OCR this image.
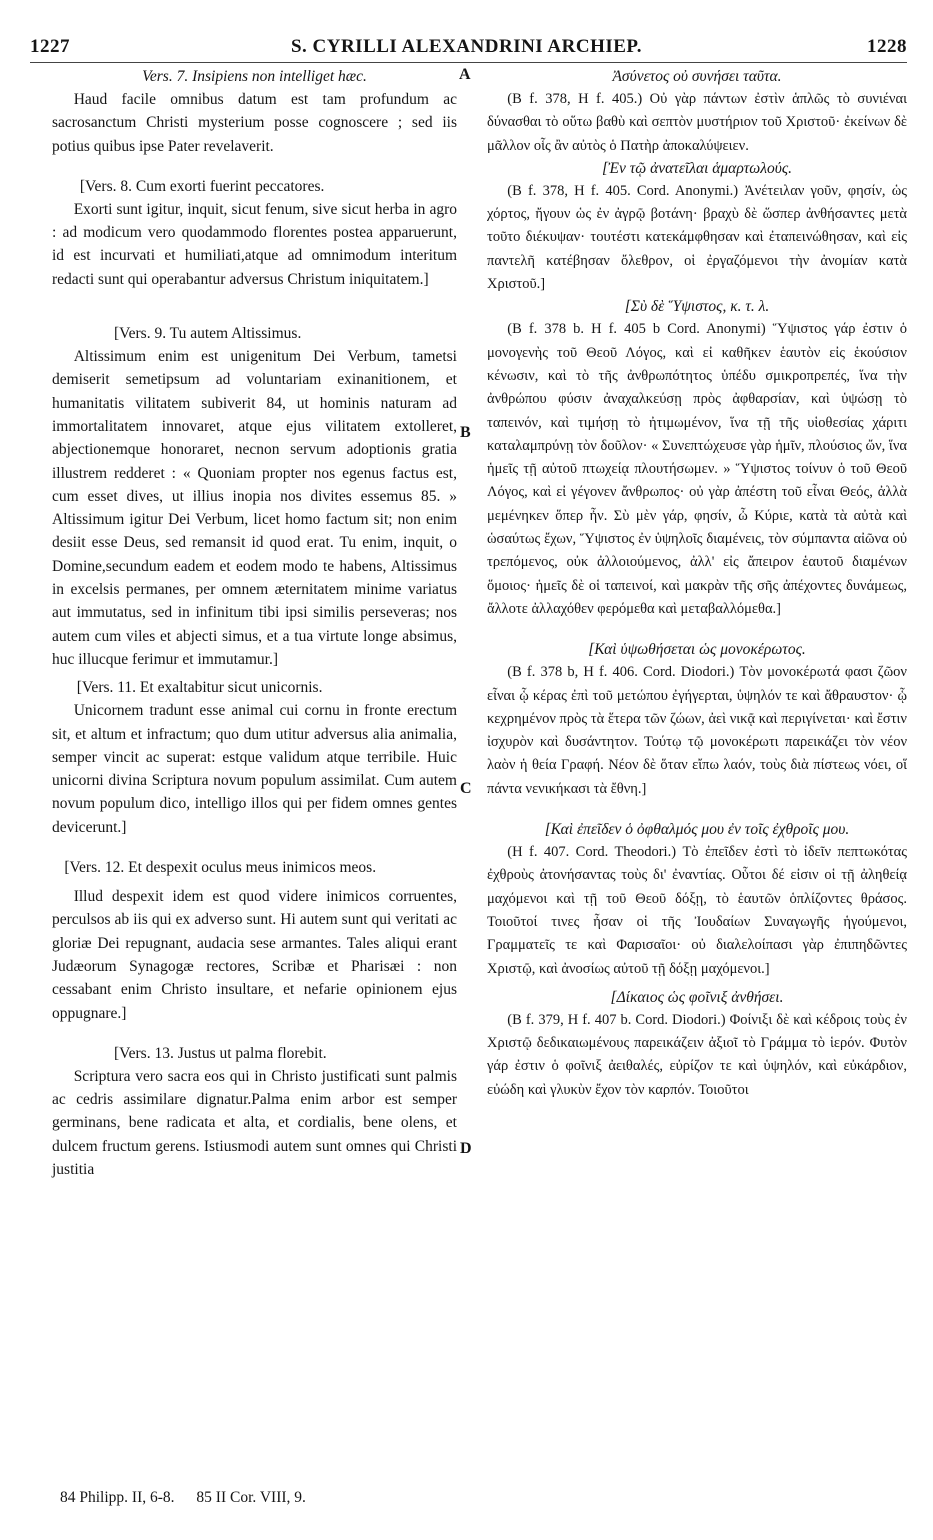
1227	S. CYRILLI ALEXANDRINI ARCHIEP.	1228
A
B
C
D

Vers. 7. Insipiens non intelliget hæc.

Haud facile omnibus datum est tam profundum ac sacrosanctum Christi mysterium posse cognoscere ; sed iis potius quibus ipse Pater revelaverit.

[Vers. 8. Cum exorti fuerint peccatores.

Exorti sunt igitur, inquit, sicut fenum, sive sicut herba in agro : ad modicum vero quodammodo florentes postea apparuerunt, id est incurvati et humiliati,atque ad omnimodum interitum redacti sunt qui operabantur adversus Christum iniquitatem.]

[Vers. 9. Tu autem Altissimus.

Altissimum enim est unigenitum Dei Verbum, tametsi demiserit semetipsum ad voluntariam exinanitionem, et humanitatis vilitatem subiverit 84, ut hominis naturam ad immortalitatem innovaret, atque ejus vilitatem extolleret, abjectionemque honoraret, necnon servum adoptionis gratia illustrem redderet : « Quoniam propter nos egenus factus est, cum esset dives, ut illius inopia nos divites essemus 85. » Altissimum igitur Dei Verbum, licet homo factum sit; non enim desiit esse Deus, sed remansit id quod erat. Tu enim, inquit, o Domine,secundum eadem et eodem modo te habens, Altissimus in excelsis permanes, per omnem æternitatem minime variatus aut immutatus, sed in infinitum tibi ipsi similis perseveras; nos autem cum viles et abjecti simus, et a tua virtute longe absimus, huc illucque ferimur et immutamur.]

[Vers. 11. Et exaltabitur sicut unicornis.

Unicornem tradunt esse animal cui cornu in fronte erectum sit, et altum et infractum; quo dum utitur adversus alia animalia, semper vincit ac superat: estque validum atque terribile. Huic unicorni divina Scriptura novum populum assimilat. Cum autem novum populum dico, intelligo illos qui per fidem omnes gentes devicerunt.]

[Vers. 12. Et despexit oculus meus inimicos meos.

Illud despexit idem est quod videre inimicos corruentes, perculsos ab iis qui ex adverso sunt. Hi autem sunt qui veritati ac gloriæ Dei repugnant, audacia sese armantes. Tales aliqui erant Judæorum Synagogæ rectores, Scribæ et Pharisæi : non cessabant enim Christo insultare, et nefarie opinionem ejus oppugnare.]

[Vers. 13. Justus ut palma florebit.

Scriptura vero sacra eos qui in Christo justificati sunt palmis ac cedris assimilare dignatur.Palma enim arbor est semper germinans, bene radicata et alta, et cordialis, bene olens, et dulcem fructum gerens. Istiusmodi autem sunt omnes qui Christi justitia

Ἀσύνετος οὐ συνήσει ταῦτα.

(B f. 378, H f. 405.) Οὐ γὰρ πάντων ἐστὶν ἁπλῶς τὸ συνιέναι δύνασθαι τὸ οὕτω βαθὺ καὶ σεπτὸν μυστήριον τοῦ Χριστοῦ· ἐκείνων δὲ μᾶλλον οἷς ἂν αὐτὸς ὁ Πατὴρ ἀποκαλύψειεν.

[Ἐν τῷ ἀνατεῖλαι ἁμαρτωλούς.

(B f. 378, H f. 405. Cord. Anonymi.) Ἀνέτειλαν γοῦν, φησίν, ὡς χόρτος, ἤγουν ὡς ἐν ἀγρῷ βοτάνη· βραχὺ δὲ ὥσπερ ἀνθήσαντες μετὰ τοῦτο διέκυψαν· τουτέστι κατεκάμφθησαν καὶ ἐταπεινώθησαν, καὶ εἰς παντελῆ κατέβησαν ὄλεθρον, οἱ ἐργαζόμενοι τὴν ἀνομίαν κατὰ Χριστοῦ.]

[Σὺ δὲ Ὕψιστος, κ. τ. λ.

(B f. 378 b. H f. 405 b Cord. Anonymi) Ὕψιστος γάρ ἐστιν ὁ μονογενὴς τοῦ Θεοῦ Λόγος, καὶ εἰ καθῆκεν ἑαυτὸν εἰς ἑκούσιον κένωσιν, καὶ τὸ τῆς ἀνθρωπότητος ὑπέδυ σμικροπρεπές, ἵνα τὴν ἀνθρώπου φύσιν ἀναχαλκεύσῃ πρὸς ἀφθαρσίαν, καὶ ὑψώσῃ τὸ ταπεινόν, καὶ τιμήσῃ τὸ ἠτιμωμένον, ἵνα τῇ τῆς υἱοθεσίας χάριτι καταλαμπρύνῃ τὸν δοῦλον· « Συνεπτώχευσε γὰρ ἡμῖν, πλούσιος ὤν, ἵνα ἡμεῖς τῇ αὐτοῦ πτωχείᾳ πλουτήσωμεν. » Ὕψιστος τοίνυν ὁ τοῦ Θεοῦ Λόγος, καὶ εἰ γέγονεν ἄνθρωπος· οὐ γὰρ ἀπέστη τοῦ εἶναι Θεός, ἀλλὰ μεμένηκεν ὅπερ ἦν. Σὺ μὲν γάρ, φησίν, ὦ Κύριε, κατὰ τὰ αὐτὰ καὶ ὡσαύτως ἔχων, Ὕψιστος ἐν ὑψηλοῖς διαμένεις, τὸν σύμπαντα αἰῶνα οὐ τρεπόμενος, οὐκ ἀλλοιούμενος, ἀλλ' εἰς ἄπειρον ἑαυτοῦ διαμένων ὅμοιος· ἡμεῖς δὲ οἱ ταπεινοί, καὶ μακρὰν τῆς σῆς ἀπέχοντες δυνάμεως, ἄλλοτε ἀλλαχόθεν φερόμεθα καὶ μεταβαλλόμεθα.]

[Καὶ ὑψωθήσεται ὡς μονοκέρωτος.

(B f. 378 b, H f. 406. Cord. Diodori.) Τὸν μονοκέρωτά φασι ζῶον εἶναι ᾧ κέρας ἐπὶ τοῦ μετώπου ἐγήγερται, ὑψηλόν τε καὶ ἄθραυστον· ᾧ κεχρημένον πρὸς τὰ ἕτερα τῶν ζώων, ἀεὶ νικᾷ καὶ περιγίνεται· καὶ ἔστιν ἰσχυρὸν καὶ δυσάντητον. Τούτῳ τῷ μονοκέρωτι παρεικάζει τὸν νέον λαὸν ἡ θεία Γραφή. Νέον δὲ ὅταν εἴπω λαόν, τοὺς διὰ πίστεως νόει, οἵ πάντα νενικήκασι τὰ ἔθνη.]

[Καὶ ἐπεῖδεν ὁ ὀφθαλμός μου ἐν τοῖς ἐχθροῖς μου.

(H f. 407. Cord. Theodori.) Τὸ ἐπεῖδεν ἐστὶ τὸ ἰδεῖν πεπτωκότας ἐχθροὺς ἀτονήσαντας τοὺς δι' ἐναντίας. Οὗτοι δέ εἰσιν οἱ τῇ ἀληθείᾳ μαχόμενοι καὶ τῇ τοῦ Θεοῦ δόξῃ, τὸ ἑαυτῶν ὁπλίζοντες θράσος. Τοιοῦτοί τινες ἦσαν οἱ τῆς Ἰουδαίων Συναγωγῆς ἡγούμενοι, Γραμματεῖς τε καὶ Φαρισαῖοι· οὐ διαλελοίπασι γὰρ ἐπιπηδῶντες Χριστῷ, καὶ ἀνοσίως αὐτοῦ τῇ δόξῃ μαχόμενοι.]

[Δίκαιος ὡς φοῖνιξ ἀνθήσει.

(B f. 379, H f. 407 b. Cord. Diodori.) Φοίνιξι δὲ καὶ κέδροις τοὺς ἐν Χριστῷ δεδικαιωμένους παρεικάζειν ἀξιοῖ τὸ Γράμμα τὸ ἱερόν. Φυτὸν γάρ ἐστιν ὁ φοῖνιξ ἀειθαλές, εὐρίζον τε καὶ ὑψηλόν, καὶ εὐκάρδιον, εὐώδη καὶ γλυκὺν ἔχον τὸν καρπόν. Τοιοῦτοι

84 Philipp. II, 6-8. 85 II Cor. VIII, 9.
